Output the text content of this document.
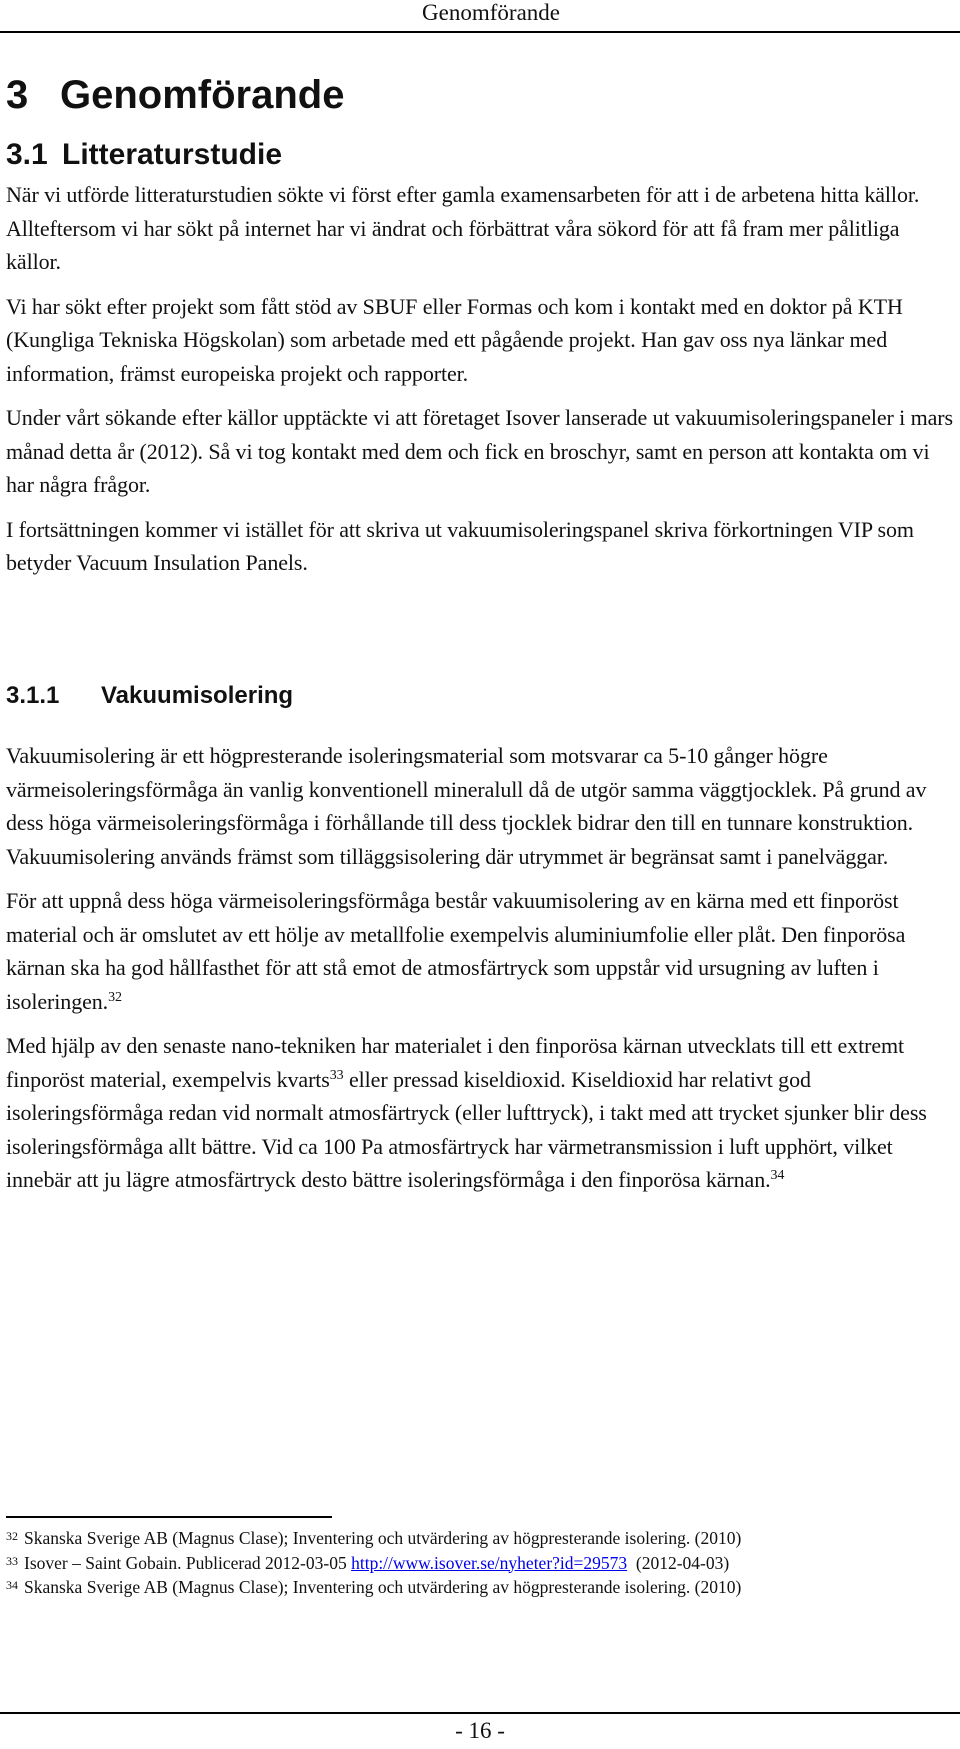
Genomförande
3 Genomförande
3.1 Litteraturstudie

När vi utförde litteraturstudien sökte vi först efter gamla examensarbeten för att i de arbetena hitta källor. Allteftersom vi har sökt på internet har vi ändrat och förbättrat våra sökord för att få fram mer pålitliga källor.

Vi har sökt efter projekt som fått stöd av SBUF eller Formas och kom i kontakt med en doktor på KTH (Kungliga Tekniska Högskolan) som arbetade med ett pågående projekt. Han gav oss nya länkar med information, främst europeiska projekt och rapporter.

Under vårt sökande efter källor upptäckte vi att företaget Isover lanserade ut vakuumisoleringspaneler i mars månad detta år (2012). Så vi tog kontakt med dem och fick en broschyr, samt en person att kontakta om vi har några frågor.

I fortsättningen kommer vi istället för att skriva ut vakuumisoleringspanel skriva förkortningen VIP som betyder Vacuum Insulation Panels.

3.1.1 Vakuumisolering

Vakuumisolering är ett högpresterande isoleringsmaterial som motsvarar ca 5-10 gånger högre värmeisoleringsförmåga än vanlig konventionell mineralull då de utgör samma väggtjocklek. På grund av dess höga värmeisoleringsförmåga i förhållande till dess tjocklek bidrar den till en tunnare konstruktion. Vakuumisolering används främst som tilläggsisolering där utrymmet är begränsat samt i panelväggar.

För att uppnå dess höga värmeisoleringsförmåga består vakuumisolering av en kärna med ett finporöst material och är omslutet av ett hölje av metallfolie exempelvis aluminiumfolie eller plåt. Den finporösa kärnan ska ha god hållfasthet för att stå emot de atmosfärtryck som uppstår vid ursugning av luften i isoleringen.$^{32}$

Med hjälp av den senaste nano-tekniken har materialet i den finporösa kärnan utvecklats till ett extremt finporöst material, exempelvis kvarts$^{33}$ eller pressad kiseldioxid. Kiseldioxid har relativt god isoleringsförmåga redan vid normalt atmosfärtryck (eller lufttryck), i takt med att trycket sjunker blir dess isoleringsförmåga allt bättre. Vid ca 100 Pa atmosfärtryck har värmetransmission i luft upphört, vilket innebär att ju lägre atmosfärtryck desto bättre isoleringsförmåga i den finporösa kärnan.$^{34}$

$^{32}$ Skanska Sverige AB (Magnus Clase); Inventering och utvärdering av högpresterande isolering. (2010)

$^{33}$ Isover – Saint Gobain. Publicerad 2012-03-05 http://www.isover.se/nyheter?id=29573  (2012-04-03)

$^{34}$ Skanska Sverige AB (Magnus Clase); Inventering och utvärdering av högpresterande isolering. (2010)

- 16 -
